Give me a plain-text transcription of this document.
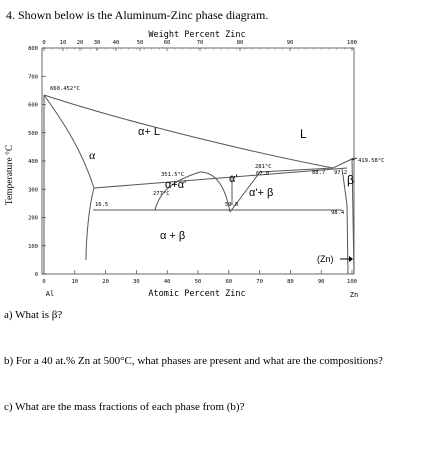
4. Shown below is the Aluminum-Zinc phase diagram.
Weight Percent Zinc
0	10 20 30 40	50	60	70	80	90	100
0
100
200
300
400
500
600
700
800
0	10	20	30	40	50	60	70	80	90	100
Temperature °C
Atomic Percent Zinc
Al	Zn
660.452°C
419.58°C
351.5°C
277°C
281°C
67.0
59.0
16.5
88.7 97.2
98.4
α+ L
α
L
α+α'	α'
α'+ β
α + β
β
(Zn)
a) What is β?
b) For a 40 at.% Zn at 500°C, what phases are present and what are the compositions?
c) What are the mass fractions of each phase from (b)?
